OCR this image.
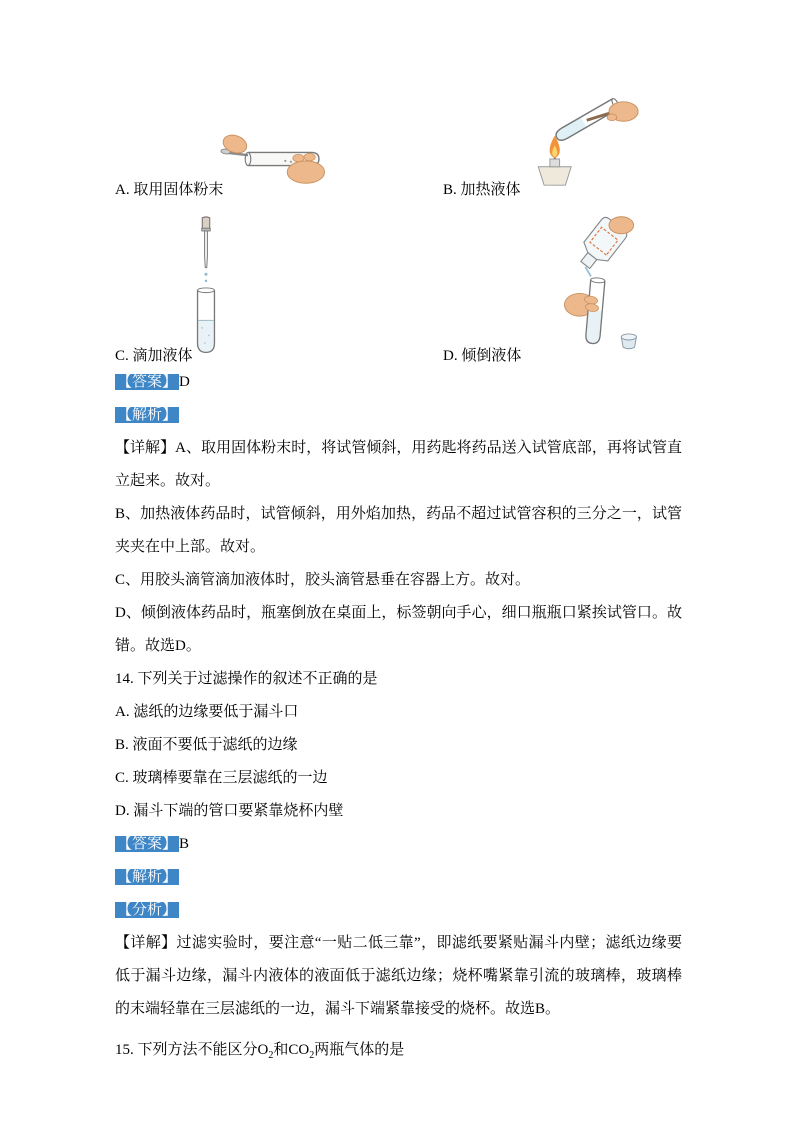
A. 取用固体粉末	B. 加热液体
C. 滴加液体	D. 倾倒液体

【答案】 D

【解析】

【详解】A、取用固体粉末时，将试管倾斜，用药匙将药品送入试管底部，再将试管直立起来。故对。

B、加热液体药品时，试管倾斜，用外焰加热，药品不超过试管容积的三分之一，试管夹夹在中上部。故对。

C、用胶头滴管滴加液体时，胶头滴管悬垂在容器上方。故对。

D、倾倒液体药品时，瓶塞倒放在桌面上，标签朝向手心，细口瓶瓶口紧挨试管口。故错。故选D。

14. 下列关于过滤操作的叙述不正确的是

A. 滤纸的边缘要低于漏斗口

B. 液面不要低于滤纸的边缘

C. 玻璃棒要靠在三层滤纸的一边

D. 漏斗下端的管口要紧靠烧杯内壁

【答案】 B

【解析】

【分析】

【详解】过滤实验时，要注意“一贴二低三靠”，即滤纸要紧贴漏斗内壁；滤纸边缘要低于漏斗边缘，漏斗内液体的液面低于滤纸边缘；烧杯嘴紧靠引流的玻璃棒，玻璃棒的末端轻靠在三层滤纸的一边，漏斗下端紧靠接受的烧杯。故选B。

15. 下列方法不能区分$O_2$和$CO_2$两瓶气体的是
